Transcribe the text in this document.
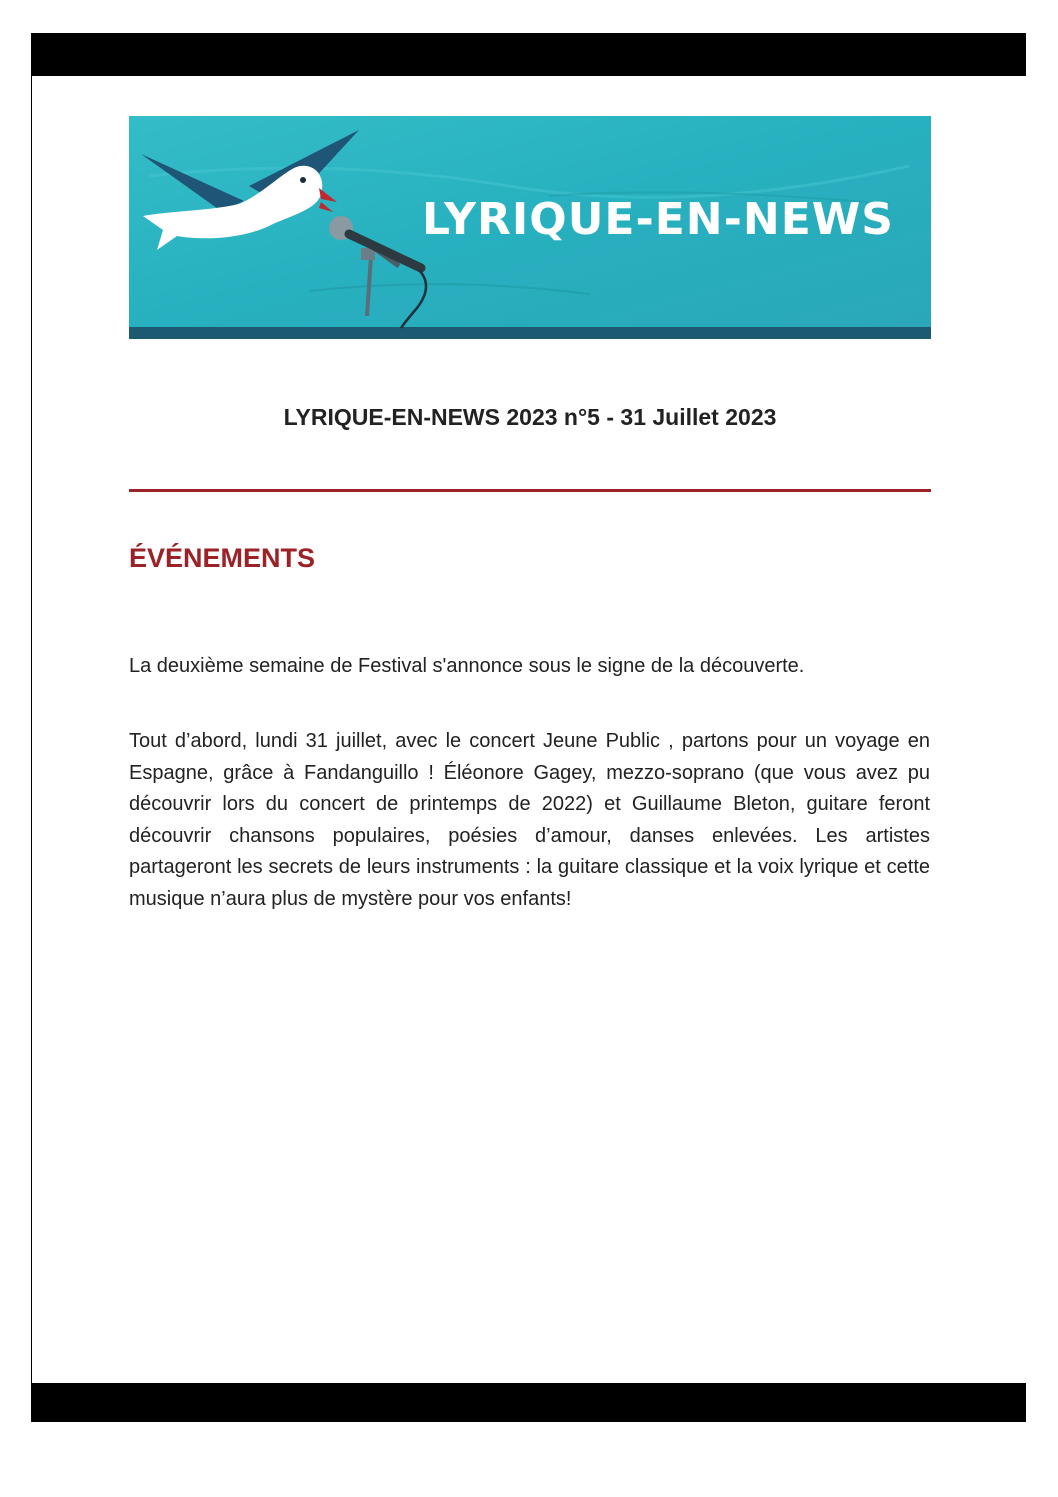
LYRIQUE-EN-NEWS
LYRIQUE-EN-NEWS 2023 n°5 - 31 Juillet 2023
ÉVÉNEMENTS

La deuxième semaine de Festival s'annonce sous le signe de la découverte.

Tout d’abord, lundi 31 juillet, avec le concert Jeune Public , partons pour un voyage en Espagne, grâce à Fandanguillo ! Éléonore Gagey, mezzo-soprano (que vous avez pu découvrir lors du concert de printemps de 2022) et Guillaume Bleton, guitare feront découvrir chansons populaires, poésies d’amour, danses enlevées. Les artistes partageront les secrets de leurs instruments : la guitare classique et la voix lyrique et cette musique n’aura plus de mystère pour vos enfants!
